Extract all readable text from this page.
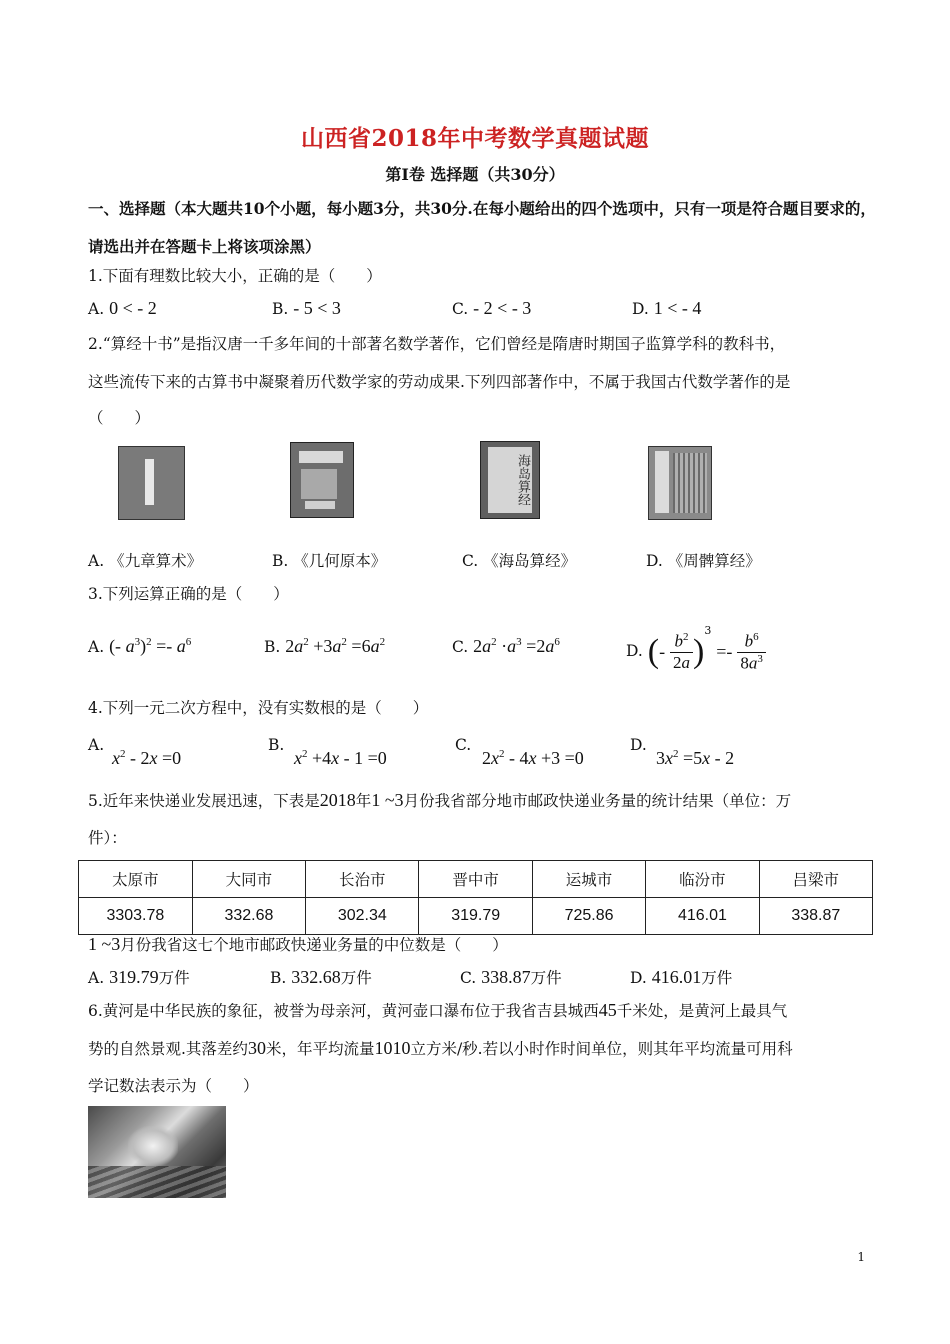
山西省2018年中考数学真题试题
第Ⅰ卷 选择题（共30分）
一、选择题（本大题共10个小题，每小题3分，共30分.在每小题给出的四个选项中，只有一项是符合题目要求的，请选出并在答题卡上将该项涂黑）
1.下面有理数比较大小，正确的是（　　）
A. 0 < - 2	B. - 5 < 3	C. - 2 < - 3	D. 1 < - 4
2.“算经十书”是指汉唐一千多年间的十部著名数学著作，它们曾经是隋唐时期国子监算学科的教科书，
这些流传下来的古算书中凝聚着历代数学家的劳动成果.下列四部著作中，不属于我国古代数学著作的是
（　　）
海岛算经
A. 《九章算术》	B. 《几何原本》	C. 《海岛算经》	D. 《周髀算经》
3.下列运算正确的是（　　）
A. (- $a^3)^2 =- a^6$	B. $2a^2 +3a^2 =6a^2$	C. $2a^2 \cdot a^3 =2a^6$	D. (- $\frac{b^2}{2a} )^3 =- \frac{b^6}{8a^3}$
4.下列一元二次方程中，没有实数根的是（　　）
A.
$x^2 - 2x =0$
B.
$x^2 +4x - 1 =0$
C.
$2x^2 - 4x +3 =0$
D.
$3x^2 =5x - 2$
5.近年来快递业发展迅速，下表是2018年1 ~3月份我省部分地市邮政快递业务量的统计结果（单位：万
件）：
太原市	大同市	长治市	晋中市	运城市	临汾市	吕梁市
3303.78	332.68	302.34	319.79	725.86	416.01	338.87
1 ~3月份我省这七个地市邮政快递业务量的中位数是（　　）
A. 319.79万件	B. 332.68万件	C. 338.87万件	D. 416.01万件
6.黄河是中华民族的象征，被誉为母亲河，黄河壶口瀑布位于我省吉县城西45千米处，是黄河上最具气
势的自然景观.其落差约30米，年平均流量1010立方米/秒.若以小时作时间单位，则其年平均流量可用科
学记数法表示为（　　）
1
